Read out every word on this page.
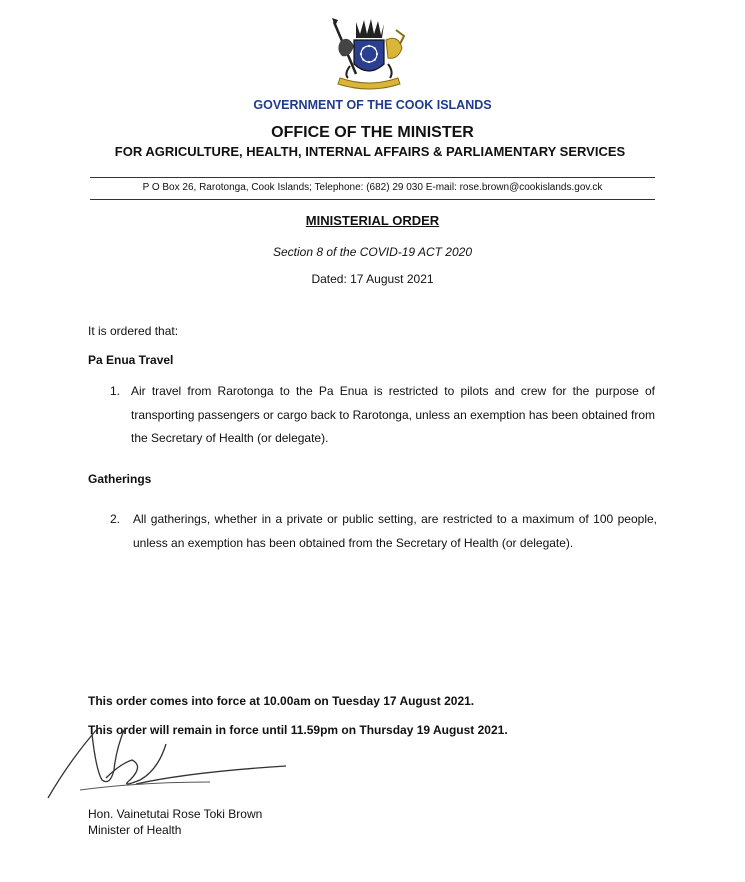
GOVERNMENT OF THE COOK ISLANDS
OFFICE OF THE MINISTER
FOR AGRICULTURE, HEALTH, INTERNAL AFFAIRS & PARLIAMENTARY SERVICES
P O Box 26, Rarotonga, Cook Islands; Telephone: (682) 29 030 E-mail: rose.brown@cookislands.gov.ck
MINISTERIAL ORDER
Section 8 of the COVID-19 ACT 2020
Dated: 17 August 2021
It is ordered that:
Pa Enua Travel
1. Air travel from Rarotonga to the Pa Enua is restricted to pilots and crew for the purpose of transporting passengers or cargo back to Rarotonga, unless an exemption has been obtained from the Secretary of Health (or delegate).
Gatherings
2. All gatherings, whether in a private or public setting, are restricted to a maximum of 100 people, unless an exemption has been obtained from the Secretary of Health (or delegate).
This order comes into force at 10.00am on Tuesday 17 August 2021.
This order will remain in force until 11.59pm on Thursday 19 August 2021.
Hon. Vainetutai Rose Toki Brown
Minister of Health
